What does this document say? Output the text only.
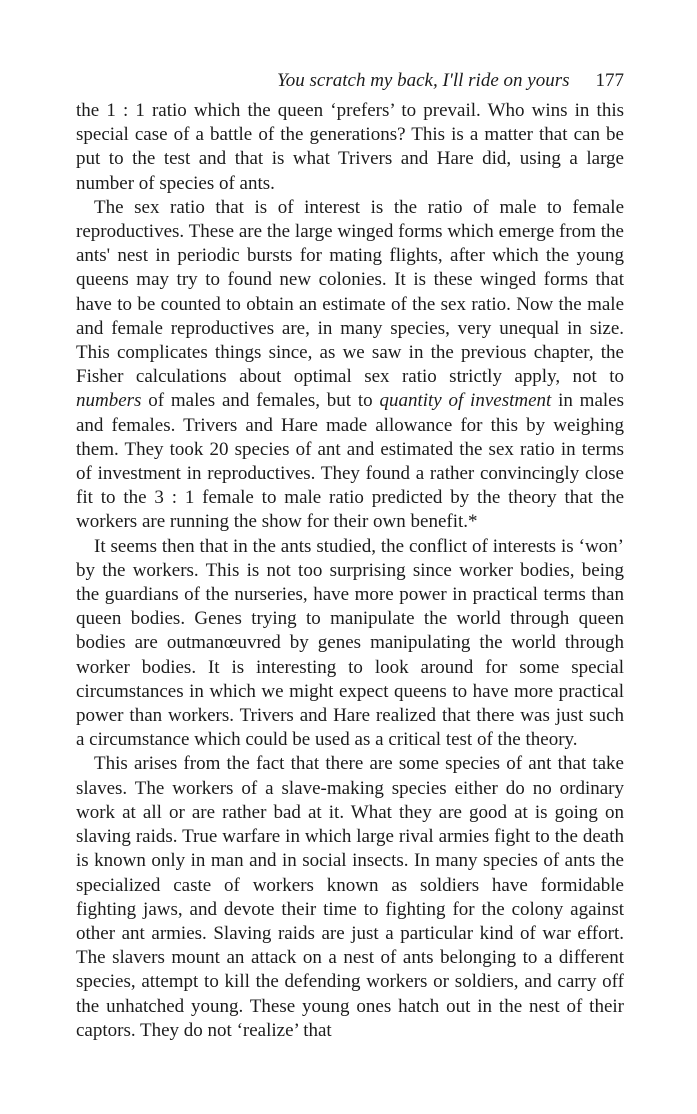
You scratch my back, I'll ride on yours 177

the 1 : 1 ratio which the queen ‘prefers’ to prevail. Who wins in this special case of a battle of the generations? This is a matter that can be put to the test and that is what Trivers and Hare did, using a large number of species of ants.

The sex ratio that is of interest is the ratio of male to female reproductives. These are the large winged forms which emerge from the ants' nest in periodic bursts for mating flights, after which the young queens may try to found new colonies. It is these winged forms that have to be counted to obtain an estimate of the sex ratio. Now the male and female reproductives are, in many species, very unequal in size. This complicates things since, as we saw in the previous chapter, the Fisher calculations about optimal sex ratio strictly apply, not to numbers of males and females, but to quantity of investment in males and females. Trivers and Hare made allowance for this by weighing them. They took 20 species of ant and estimated the sex ratio in terms of investment in reproductives. They found a rather convincingly close fit to the 3 : 1 female to male ratio predicted by the theory that the workers are running the show for their own benefit.*

It seems then that in the ants studied, the conflict of interests is ‘won’ by the workers. This is not too surprising since worker bodies, being the guardians of the nurseries, have more power in practical terms than queen bodies. Genes trying to manipulate the world through queen bodies are outmanœuvred by genes manipulating the world through worker bodies. It is interesting to look around for some special circumstances in which we might expect queens to have more practical power than workers. Trivers and Hare realized that there was just such a circumstance which could be used as a critical test of the theory.

This arises from the fact that there are some species of ant that take slaves. The workers of a slave-making species either do no ordinary work at all or are rather bad at it. What they are good at is going on slaving raids. True warfare in which large rival armies fight to the death is known only in man and in social insects. In many species of ants the specialized caste of workers known as soldiers have formidable fighting jaws, and devote their time to fighting for the colony against other ant armies. Slaving raids are just a particular kind of war effort. The slavers mount an attack on a nest of ants belonging to a different species, attempt to kill the defending workers or soldiers, and carry off the unhatched young. These young ones hatch out in the nest of their captors. They do not ‘realize’ that
